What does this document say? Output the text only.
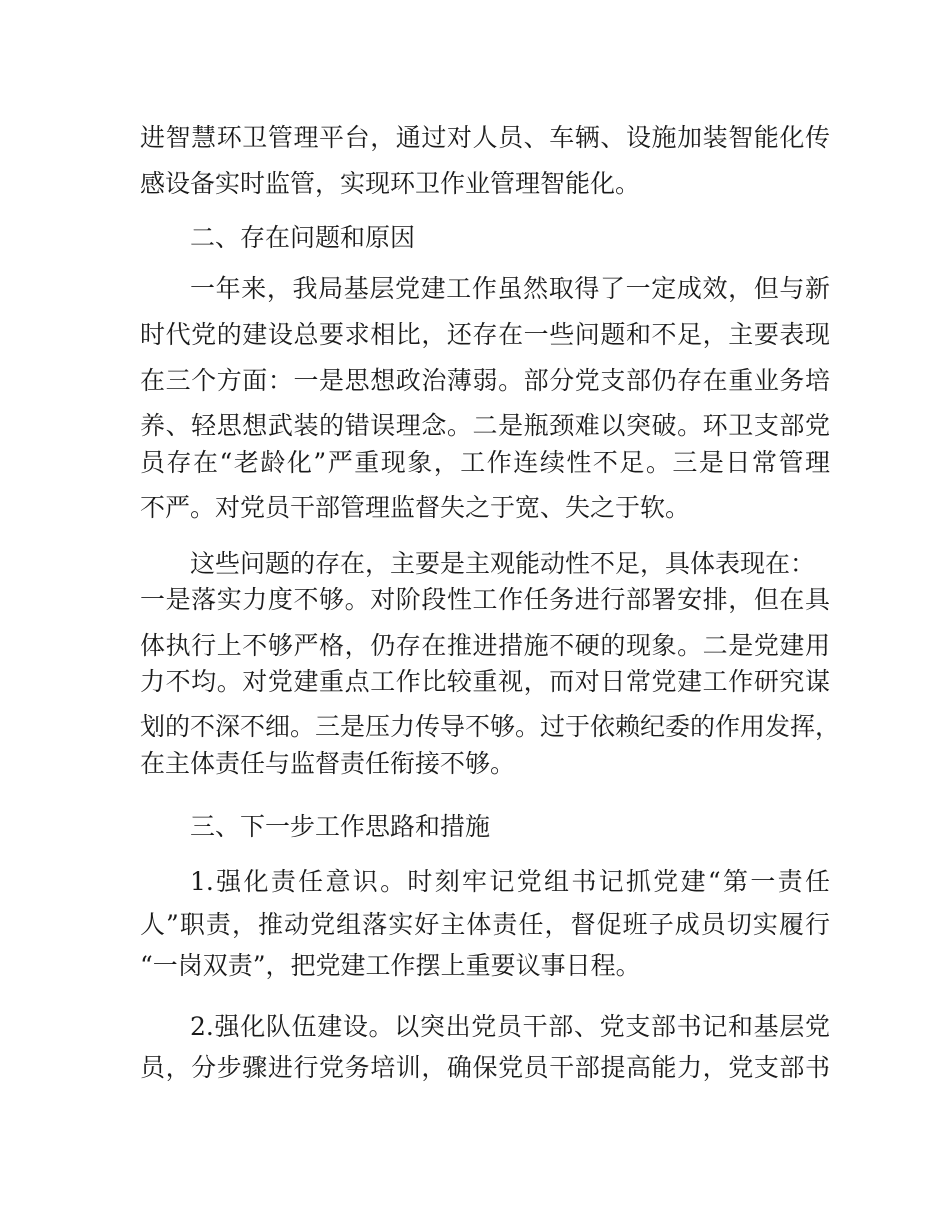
进智慧环卫管理平台，通过对人员、车辆、设施加装智能化传
感设备实时监管，实现环卫作业管理智能化。
二、存在问题和原因
一年来，我局基层党建工作虽然取得了一定成效，但与新
时代党的建设总要求相比，还存在一些问题和不足，主要表现
在三个方面：一是思想政治薄弱。部分党支部仍存在重业务培
养、轻思想武装的错误理念。二是瓶颈难以突破。环卫支部党
员存在“老龄化”严重现象，工作连续性不足。三是日常管理
不严。对党员干部管理监督失之于宽、失之于软。
这些问题的存在，主要是主观能动性不足，具体表现在：
一是落实力度不够。对阶段性工作任务进行部署安排，但在具
体执行上不够严格，仍存在推进措施不硬的现象。二是党建用
力不均。对党建重点工作比较重视，而对日常党建工作研究谋
划的不深不细。三是压力传导不够。过于依赖纪委的作用发挥，
在主体责任与监督责任衔接不够。
三、下一步工作思路和措施
1.强化责任意识。时刻牢记党组书记抓党建“第一责任
人”职责，推动党组落实好主体责任，督促班子成员切实履行
“一岗双责”，把党建工作摆上重要议事日程。
2.强化队伍建设。以突出党员干部、党支部书记和基层党
员，分步骤进行党务培训，确保党员干部提高能力，党支部书
